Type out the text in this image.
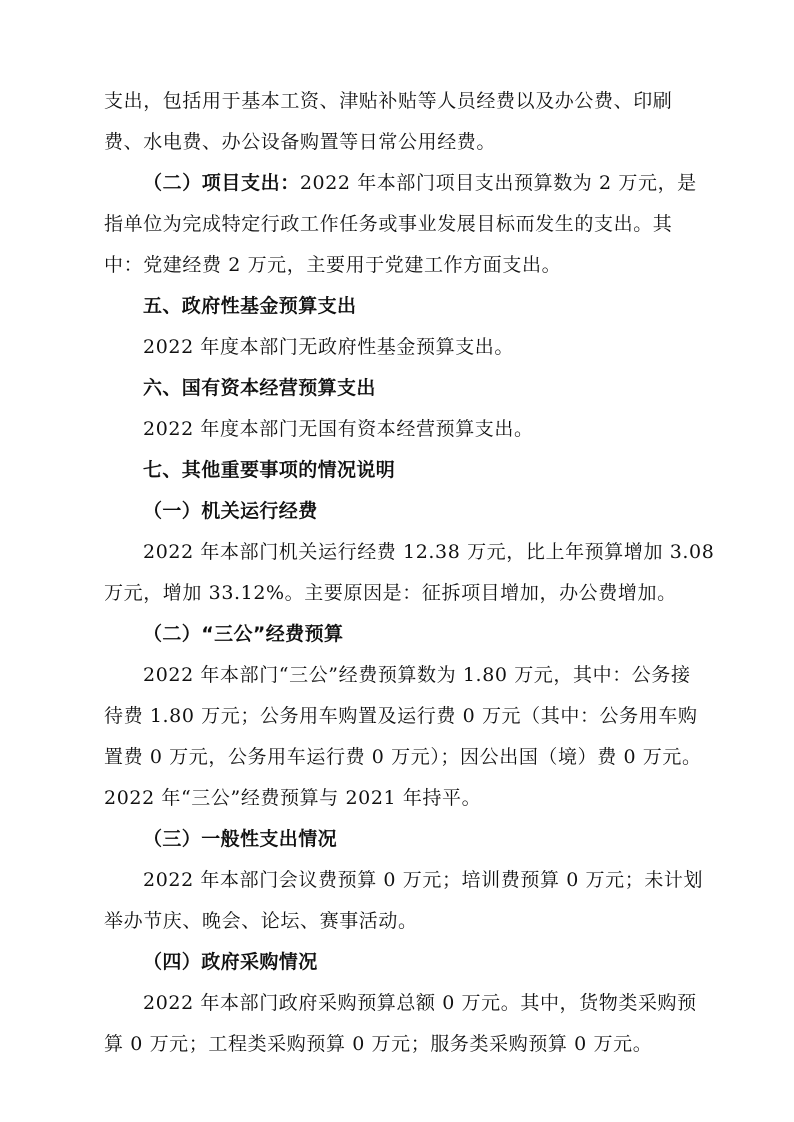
支出，包括用于基本工资、津贴补贴等人员经费以及办公费、印刷
费、水电费、办公设备购置等日常公用经费。
（二）项目支出：2022 年本部门项目支出预算数为 2 万元，是
指单位为完成特定行政工作任务或事业发展目标而发生的支出。其
中：党建经费 2 万元，主要用于党建工作方面支出。
五、政府性基金预算支出
2022 年度本部门无政府性基金预算支出。
六、国有资本经营预算支出
2022 年度本部门无国有资本经营预算支出。
七、其他重要事项的情况说明
（一）机关运行经费
2022 年本部门机关运行经费 12.38 万元，比上年预算增加 3.08
万元，增加 33.12%。主要原因是：征拆项目增加，办公费增加。
（二）“三公”经费预算
2022 年本部门“三公”经费预算数为 1.80 万元，其中：公务接
待费 1.80 万元；公务用车购置及运行费 0 万元（其中：公务用车购
置费 0 万元，公务用车运行费 0 万元）；因公出国（境）费 0 万元。
2022 年“三公”经费预算与 2021 年持平。
（三）一般性支出情况
2022 年本部门会议费预算 0 万元；培训费预算 0 万元；未计划
举办节庆、晚会、论坛、赛事活动。
（四）政府采购情况
2022 年本部门政府采购预算总额 0 万元。其中，货物类采购预
算 0 万元；工程类采购预算 0 万元；服务类采购预算 0 万元。
